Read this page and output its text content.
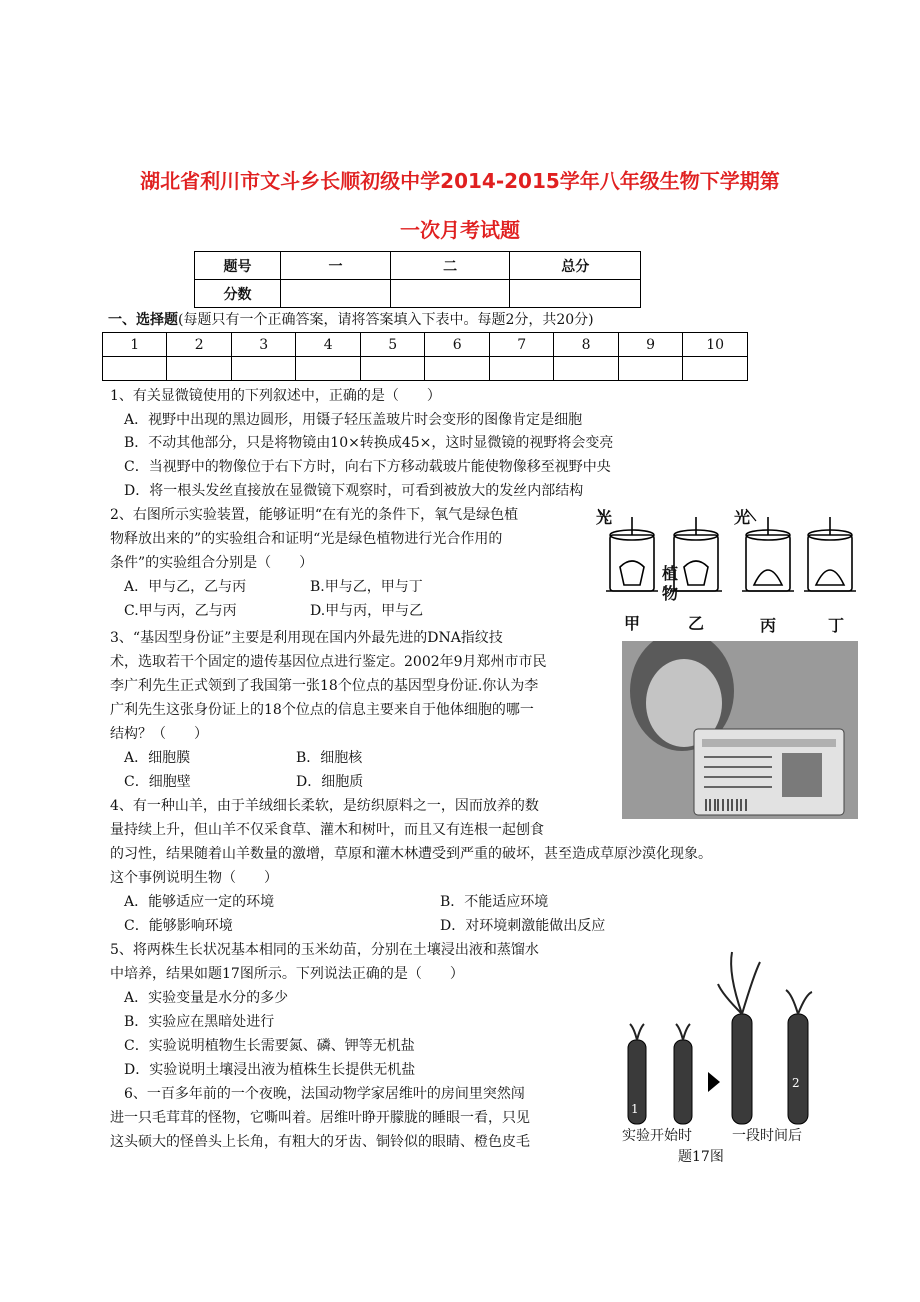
湖北省利川市文斗乡长顺初级中学2014-2015学年八年级生物下学期第
一次月考试题
题号	一	二	总分
分数			
一、选择题(每题只有一个正确答案，请将答案填入下表中。每题2分，共20分)
1	2	3	4	5	6	7	8	9	10

1、有关显微镜使用的下列叙述中，正确的是（　　）
A．视野中出现的黑边圆形，用镊子轻压盖玻片时会变形的图像肯定是细胞
B．不动其他部分，只是将物镜由10×转换成45×，这时显微镜的视野将会变亮
C．当视野中的物像位于右下方时，向右下方移动载玻片能使物像移至视野中央
D．将一根头发丝直接放在显微镜下观察时，可看到被放大的发丝内部结构
2、右图所示实验装置，能够证明“在有光的条件下，氧气是绿色植
物释放出来的”的实验组合和证明“光是绿色植物进行光合作用的
条件”的实验组合分别是（　　）
A．甲与乙，乙与丙	B.甲与乙，甲与丁
C.甲与丙，乙与丙	D.甲与丙，甲与乙
光	光
植
物
甲	乙	丙	丁
3、“基因型身份证”主要是利用现在国内外最先进的DNA指纹技
术，选取若干个固定的遗传基因位点进行鉴定。2002年9月郑州市市民
李广利先生正式领到了我国第一张18个位点的基因型身份证.你认为李
广利先生这张身份证上的18个位点的信息主要来自于他体细胞的哪一
结构？（　　）
A．细胞膜	B．细胞核
C．细胞壁	D．细胞质
4、有一种山羊，由于羊绒细长柔软，是纺织原料之一，因而放养的数
量持续上升，但山羊不仅采食草、灌木和树叶，而且又有连根一起刨食
的习性，结果随着山羊数量的激增，草原和灌木林遭受到严重的破坏，甚至造成草原沙漠化现象。
这个事例说明生物（　　）
A．能够适应一定的环境	B．不能适应环境
C．能够影响环境	D．对环境刺激能做出反应
5、将两株生长状况基本相同的玉米幼苗，分别在土壤浸出液和蒸馏水
中培养，结果如题17图所示。下列说法正确的是（　　）
A．实验变量是水分的多少
B．实验应在黑暗处进行
C．实验说明植物生长需要氮、磷、钾等无机盐
D．实验说明土壤浸出液为植株生长提供无机盐
1
2
实验开始时	一段时间后
题17图
6、一百多年前的一个夜晚，法国动物学家居维叶的房间里突然闯
进一只毛茸茸的怪物，它嘶叫着。居维叶睁开朦胧的睡眼一看，只见
这头硕大的怪兽头上长角，有粗大的牙齿、铜铃似的眼睛、橙色皮毛
